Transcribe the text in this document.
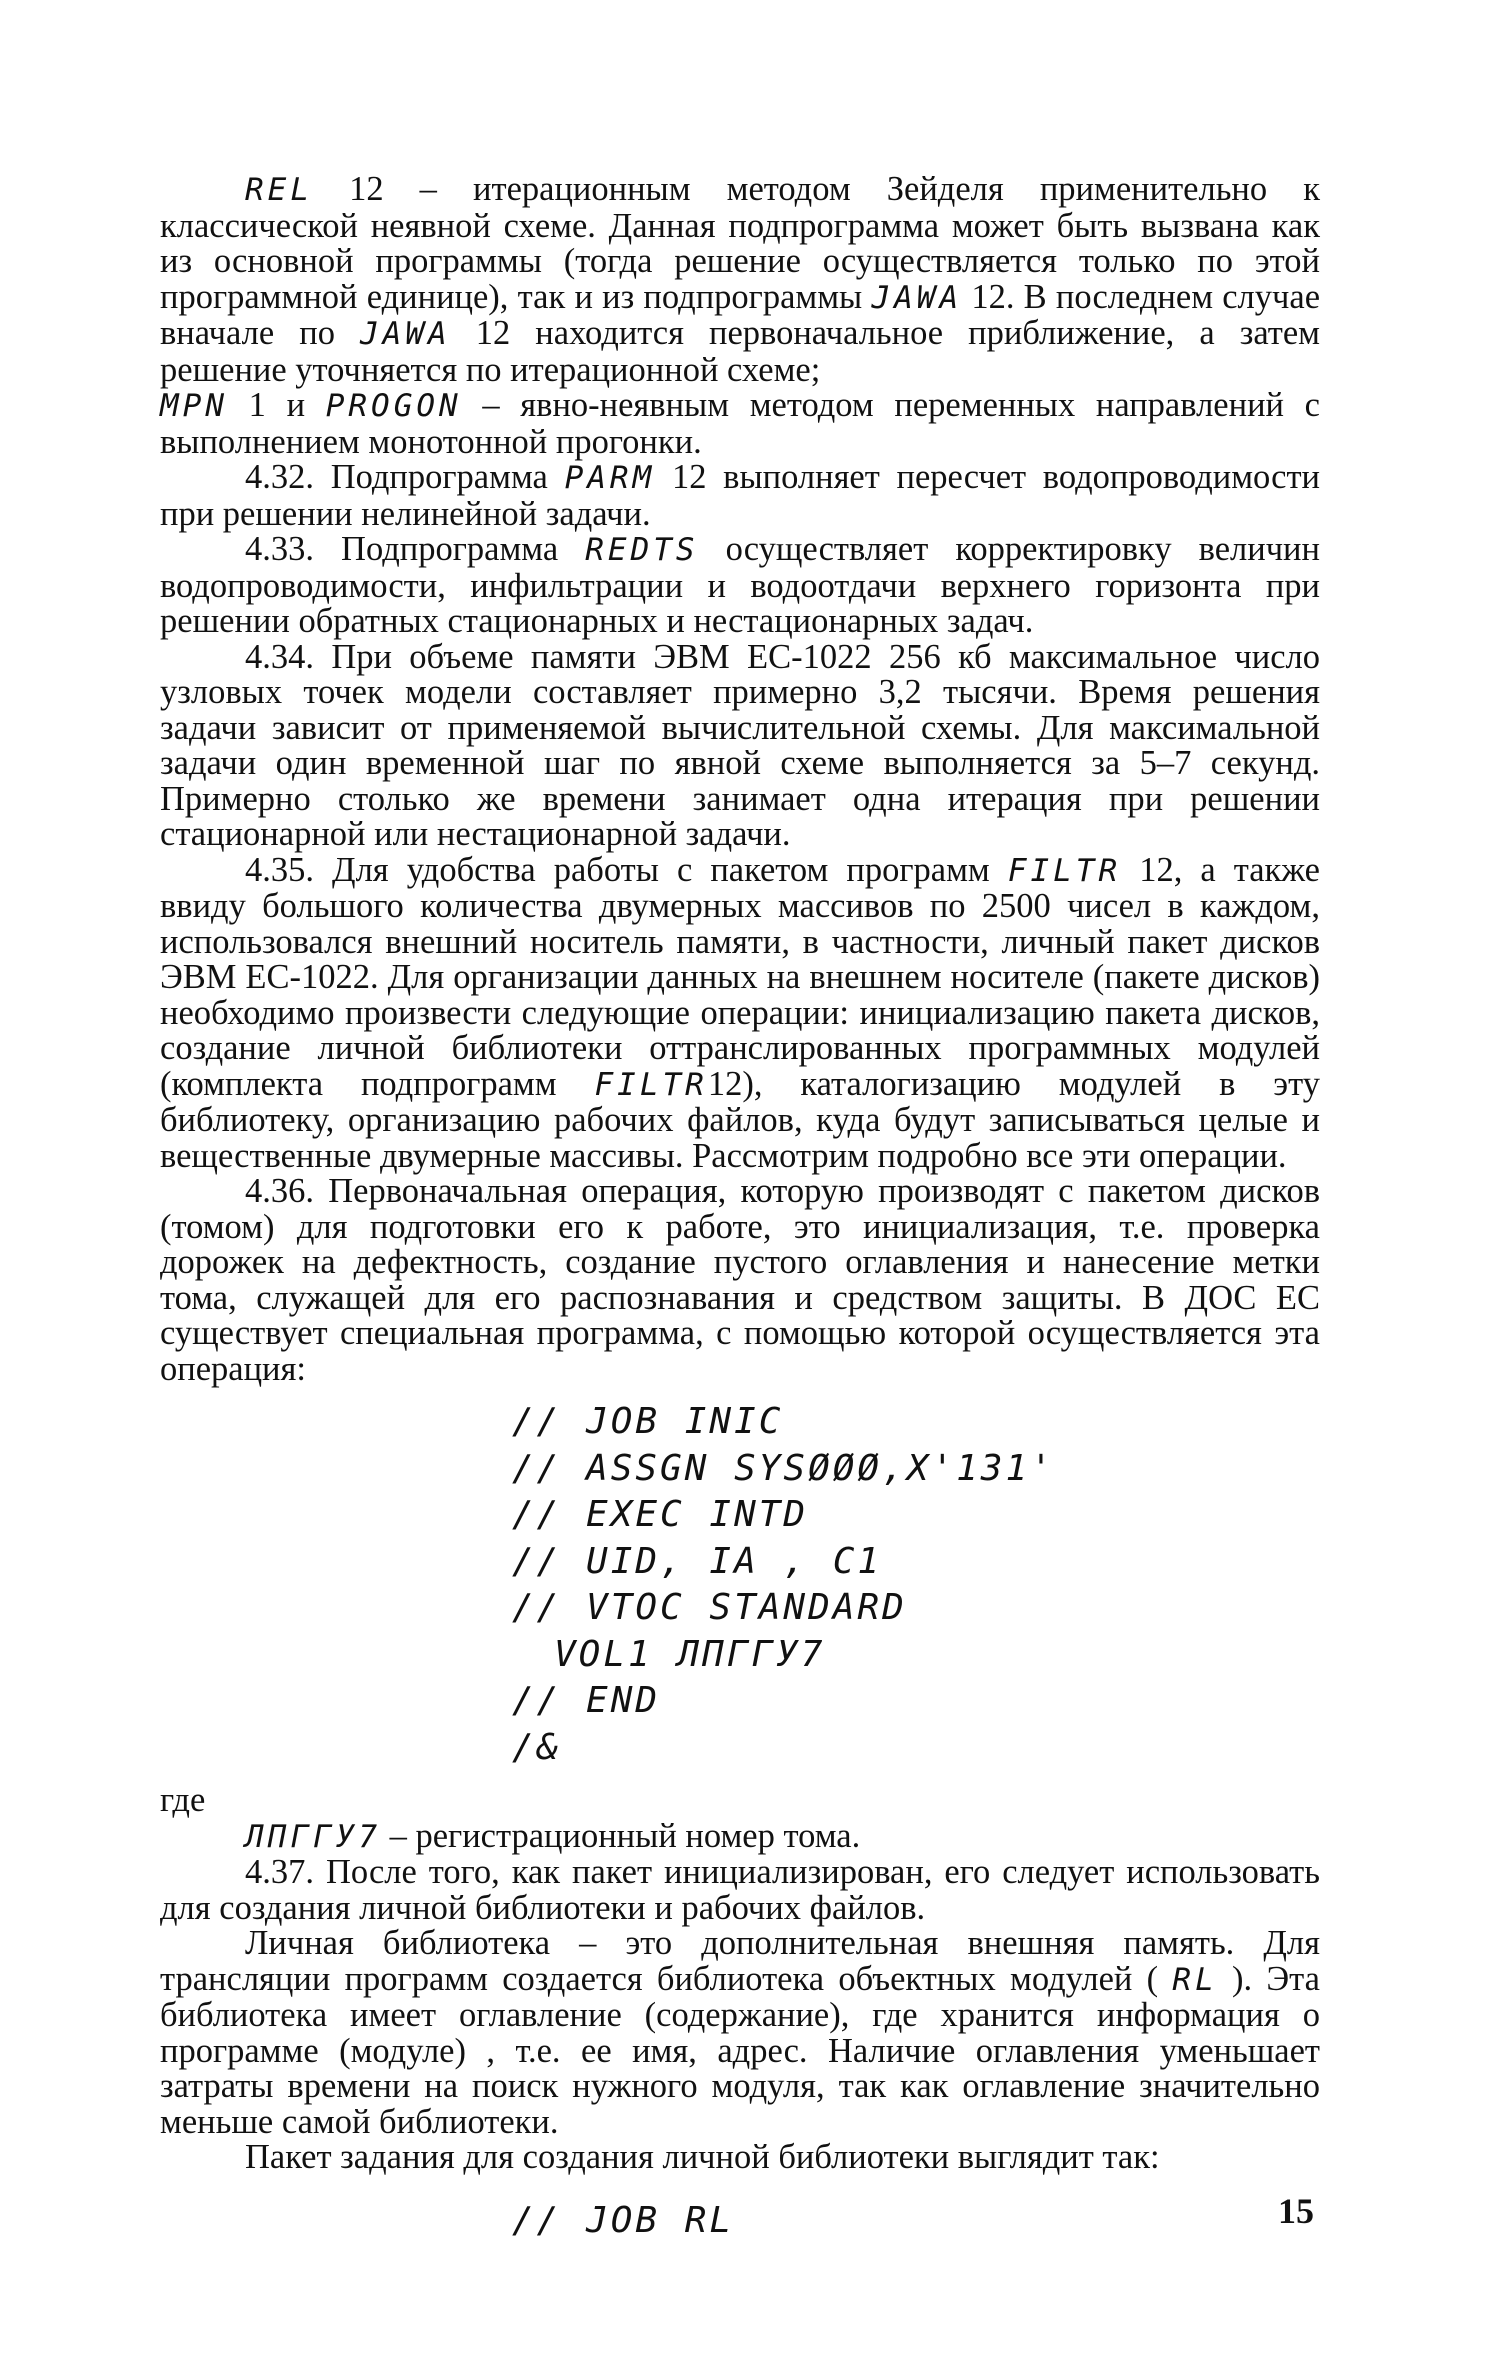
REL 12 – итерационным методом Зейделя применительно к классической неявной схеме. Данная подпрограмма может быть вызвана как из основной программы (тогда решение осуществляется только по этой программной единице), так и из подпрограммы JAWA 12. В последнем случае вначале по JAWA 12 находится первоначальное приближение, а затем решение уточняется по итерационной схеме;

MPN 1 и PROGON – явно-неявным методом переменных направлений с выполнением монотонной прогонки.

4.32. Подпрограмма PARM 12 выполняет пересчет водопроводимости при решении нелинейной задачи.

4.33. Подпрограмма REDTS осуществляет корректировку величин водопроводимости, инфильтрации и водоотдачи верхнего горизонта при решении обратных стационарных и нестационарных задач.

4.34. При объеме памяти ЭВМ ЕС-1022 256 кб максимальное число узловых точек модели составляет примерно 3,2 тысячи. Время решения задачи зависит от применяемой вычислительной схемы. Для максимальной задачи один временной шаг по явной схеме выполняется за 5–7 секунд. Примерно столько же времени занимает одна итерация при решении стационарной или нестационарной задачи.

4.35. Для удобства работы с пакетом программ FILTR 12, а также ввиду большого количества двумерных массивов по 2500 чисел в каждом, использовался внешний носитель памяти, в частности, личный пакет дисков ЭВМ ЕС-1022. Для организации данных на внешнем носителе (пакете дисков) необходимо произвести следующие операции: инициализацию пакета дисков, создание личной библиотеки оттранслированных программных модулей (комплекта подпрограмм FILTR12), каталогизацию модулей в эту библиотеку, организацию рабочих файлов, куда будут записываться целые и вещественные двумерные массивы. Рассмотрим подробно все эти операции.

4.36. Первоначальная операция, которую производят с пакетом дисков (томом) для подготовки его к работе, это инициализация, т.е. проверка дорожек на дефектность, создание пустого оглавления и нанесение метки тома, служащей для его распознавания и средством защиты. В ДОС ЕС существует специальная программа, с помощью которой осуществляется эта операция:

// JOB INIC
// ASSGN SYSØØØ,X'131'
// EXEC INTD
// UID, IA , C1
// VTOC STANDARD
VOL1 ЛПГГУ7
// END
/&

где

ЛПГГУ7 – регистрационный номер тома.

4.37. После того, как пакет инициализирован, его следует использовать для создания личной библиотеки и рабочих файлов.

Личная библиотека – это дополнительная внешняя память. Для трансляции программ создается библиотека объектных модулей ( RL ). Эта библиотека имеет оглавление (содержание), где хранится информация о программе (модуле) , т.е. ее имя, адрес. Наличие оглавления уменьшает затраты времени на поиск нужного модуля, так как оглавление значительно меньше самой библиотеки.

Пакет задания для создания личной библиотеки выглядит так:

// JOB RL	15
